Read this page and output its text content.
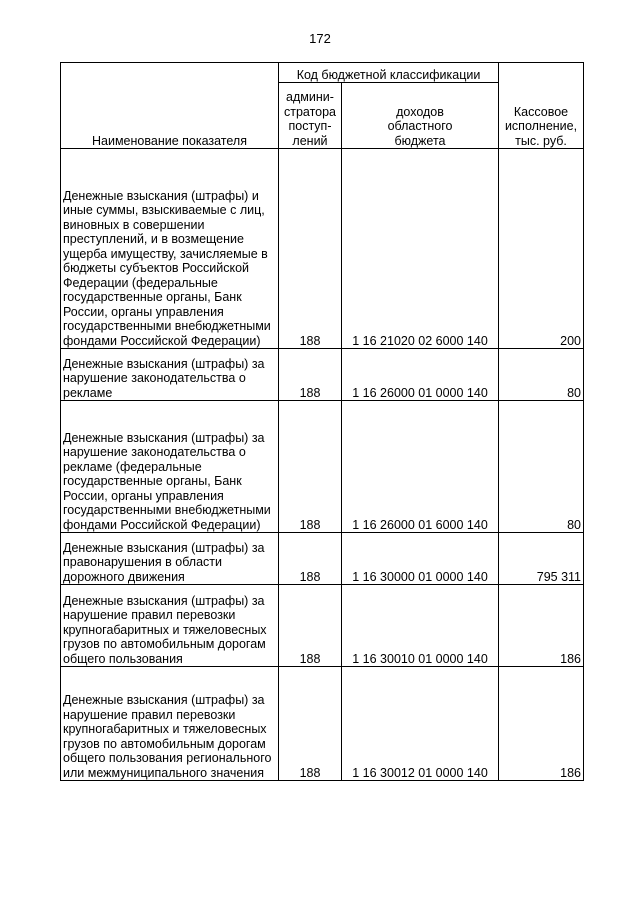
172
Наименование показателя	Код бюджетной классификации		Кассовое
исполнение,
тыс. руб.
	админи-
стратора
поступ-
лений	доходов
областного
бюджета	
Денежные взыскания (штрафы) и иные суммы, взыскиваемые с лиц, виновных в совершении преступлений, и в возмещение ущерба имуществу, зачисляемые в бюджеты субъектов Российской Федерации (федеральные государственные органы, Банк России, органы управления государственными внебюджетными фондами Российской Федерации)	188	1 16 21020 02 6000 140	200
Денежные взыскания (штрафы) за нарушение законодательства о рекламе	188	1 16 26000 01 0000 140	80
Денежные взыскания (штрафы) за нарушение законодательства о рекламе (федеральные государственные органы, Банк России, органы управления государственными внебюджетными фондами Российской Федерации)	188	1 16 26000 01 6000 140	80
Денежные взыскания (штрафы) за правонарушения в области дорожного движения	188	1 16 30000 01 0000 140	795 311
Денежные взыскания (штрафы) за нарушение правил перевозки крупногабаритных и тяжеловесных грузов по автомобильным дорогам общего пользования	188	1 16 30010 01 0000 140	186
Денежные взыскания (штрафы) за нарушение правил перевозки крупногабаритных и тяжеловесных грузов по автомобильным дорогам общего пользования регионального или межмуниципального значения	188	1 16 30012 01 0000 140	186
